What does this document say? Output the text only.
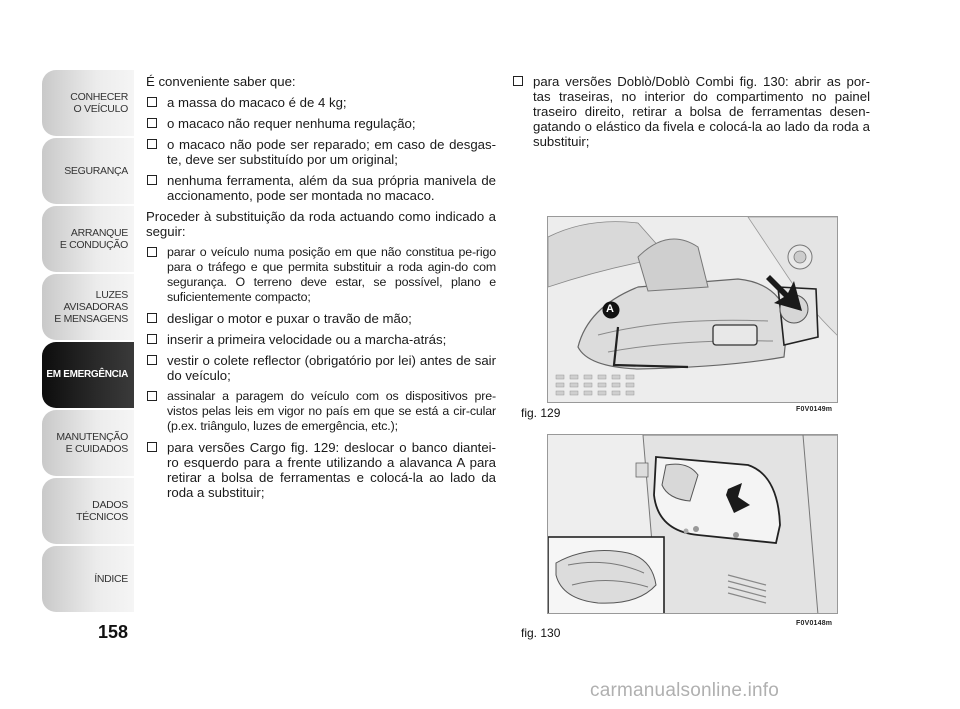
CONHECER
O VEÍCULO
SEGURANÇA
ARRANQUE
E CONDUÇÃO
LUZES AVISADORAS
E MENSAGENS
EM EMERGÊNCIA
MANUTENÇÃO
E CUIDADOS
DADOS TÉCNICOS
ÍNDICE
158

É conveniente saber que:

a massa do macaco é de 4 kg;
o macaco não requer nenhuma regulação;
o macaco não pode ser reparado; em caso de desgas-te, deve ser substituído por um original;
nenhuma ferramenta, além da sua própria manivela de accionamento, pode ser montada no macaco.

Proceder à substituição da roda actuando como indicado a seguir:

parar o veículo numa posição em que não constitua pe-rigo para o tráfego e que permita substituir a roda agin-do com segurança. O terreno deve estar, se possível, plano e suficientemente compacto;
desligar o motor e puxar o travão de mão;
inserir a primeira velocidade ou a marcha-atrás;
vestir o colete reflector (obrigatório por lei) antes de sair do veículo;
assinalar a paragem do veículo com os dispositivos pre-vistos pelas leis em vigor no país em que se está a cir-cular (p.ex. triângulo, luzes de emergência, etc.);
para versões Cargo fig. 129: deslocar o banco diantei-ro esquerdo para a frente utilizando a alavanca A para retirar a bolsa de ferramentas e colocá-la ao lado da roda a substituir;
para versões Doblò/Doblò Combi fig. 130: abrir as por-tas traseiras, no interior do compartimento no painel traseiro direito, retirar a bolsa de ferramentas desen-gatando o elástico da fivela e colocá-la ao lado da roda a substituir;
A
fig. 129	F0V0149m
fig. 130
F0V0148m
carmanualsonline.info
